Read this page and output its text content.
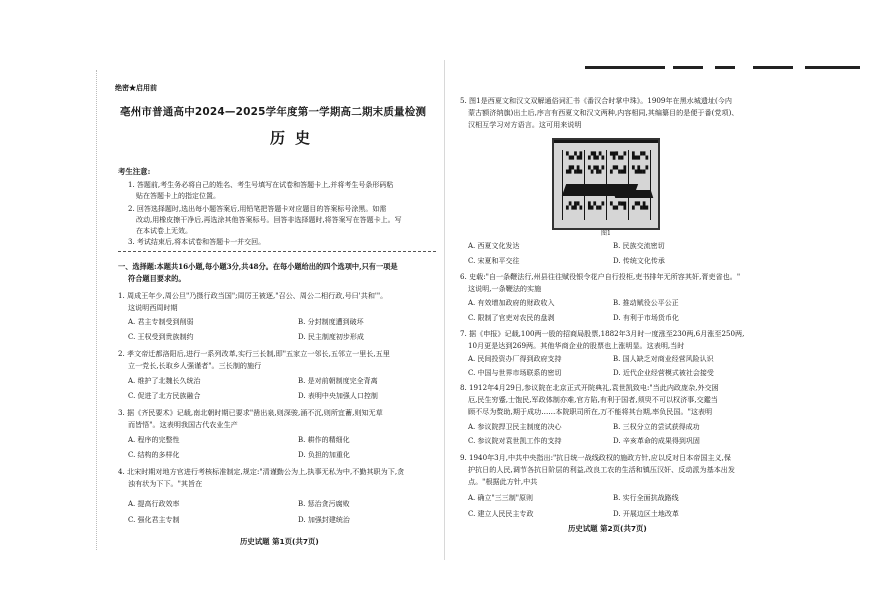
绝密★启用前
亳州市普通高中2024—2025学年度第一学期高二期末质量检测
历史
考生注意:
1. 答题前,考生务必将自己的姓名、考生号填写在试卷和答题卡上,并将考生号条形码粘
贴在答题卡上的指定位置。
2. 回答选择题时,选出每小题答案后,用铅笔把答题卡对应题目的答案标号涂黑。如需
改动,用橡皮擦干净后,再选涂其他答案标号。回答非选择题时,将答案写在答题卡上。写
在本试卷上无效。
3. 考试结束后,将本试卷和答题卡一并交回。
一、选择题:本题共16小题,每小题3分,共48分。在每小题给出的四个选项中,只有一项是
符合题目要求的。
1. 周成王年少,周公旦"乃摄行政当国";周厉王被逐,"召公、周公二相行政,号曰'共和'"。
这说明西周时期
A. 君主专制受到削弱	B. 分封制度遭到破坏
C. 王权受到贵族制约	D. 民主制度初步形成
2. 孝文帝迁都洛阳后,进行一系列改革,实行三长制,即"五家立一邻长,五邻立一里长,五里
立一党长,长取乡人强谨者"。三长制的施行
A. 维护了北魏长久统治	B. 是对前朝制度完全背离
C. 促进了北方民族融合	D. 表明中央加强人口控制
3. 据《齐民要术》记载,南北朝时期已要求"凿出泉,则深骏,涌不沉,则所宜蓄,则知无草
而皆悟"。这表明我国古代农业生产
A. 程序的完整性	B. 耕作的精细化
C. 结构的多样化	D. 负担的加重化
4. 北宋时期对地方官进行考核标准制定,规定:"清谨勤公为上,执事无私为中,不勤其职为下,贪
浊有状为下下。"其旨在
A. 提高行政效率	B. 惩治贪污腐败
C. 强化君主专制	D. 加强封建统治
历史试题 第1页(共7页)
5. 图1是西夏文和汉文双解通俗词汇书《番汉合时掌中珠》。1909年在黑水城遗址(今内
蒙古额济纳旗)出土后,序言有西夏文和汉文两种,内容相同,其编纂目的是便于番(党项)、
汉相互学习对方语言。这可用来说明
▚▞▟ ▞▙▚ ▜▚▞ ▙▞▚
▟▚▙ ▚▜▞ ▞▚▟ ▚▙▞
▞▟▚ ▙▚▞ ▚▞▜ ▞▚▙
图1
A. 西夏文化发达	B. 民族交流密切
C. 宋夏和平交往	D. 传统文化传承
6. 史载:"自一条鞭法行,州县往往赋役银令花户自行投柜,吏书排年无所容其奸,胥吏省也。"
这说明,一条鞭法的实施
A. 有效增加政府的财政收入	B. 推动赋役公平公正
C. 限制了官吏对农民的盘剥	D. 有利于市场货币化
7. 据《申报》记载,100两一股的招商局股票,1882年3月时一度涨至230两,6月涨至250两,
10月更是达到269两。其他华商企业的股票也上涨明显。这表明,当时
A. 民间投资办厂得到政府支持	B. 国人缺乏对商业经营风险认识
C. 中国与世界市场联系的密切	D. 近代企业经营模式被社会接受
8. 1912年4月29日,参议院在北京正式开院典礼,袁世凯致电:"当此内政庞杂,外交困
厄,民生穷蹙,士饱民,军政体制亦难,官方陷,有利于国者,须臾不可以权济事,交鑑当
顾不尽为赘助,期于成功……本院职司所在,万不能将其台期,率负民国。"这表明
A. 参议院捍卫民主制度的决心	B. 三权分立的尝试获得成功
C. 参议院对袁世凯工作的支持	D. 辛亥革命的成果得到巩固
9. 1940年3月,中共中央指出:"抗日统一战线政权的施政方针,应以反对日本帝国主义,保
护抗日的人民,调节各抗日阶层的利益,改良工农的生活和镇压汉奸、反动派为基本出发
点。"根据此方针,中共
A. 确立"三三制"原则	B. 实行全面抗战路线
C. 建立人民民主专政	D. 开展边区土地改革
历史试题 第2页(共7页)
